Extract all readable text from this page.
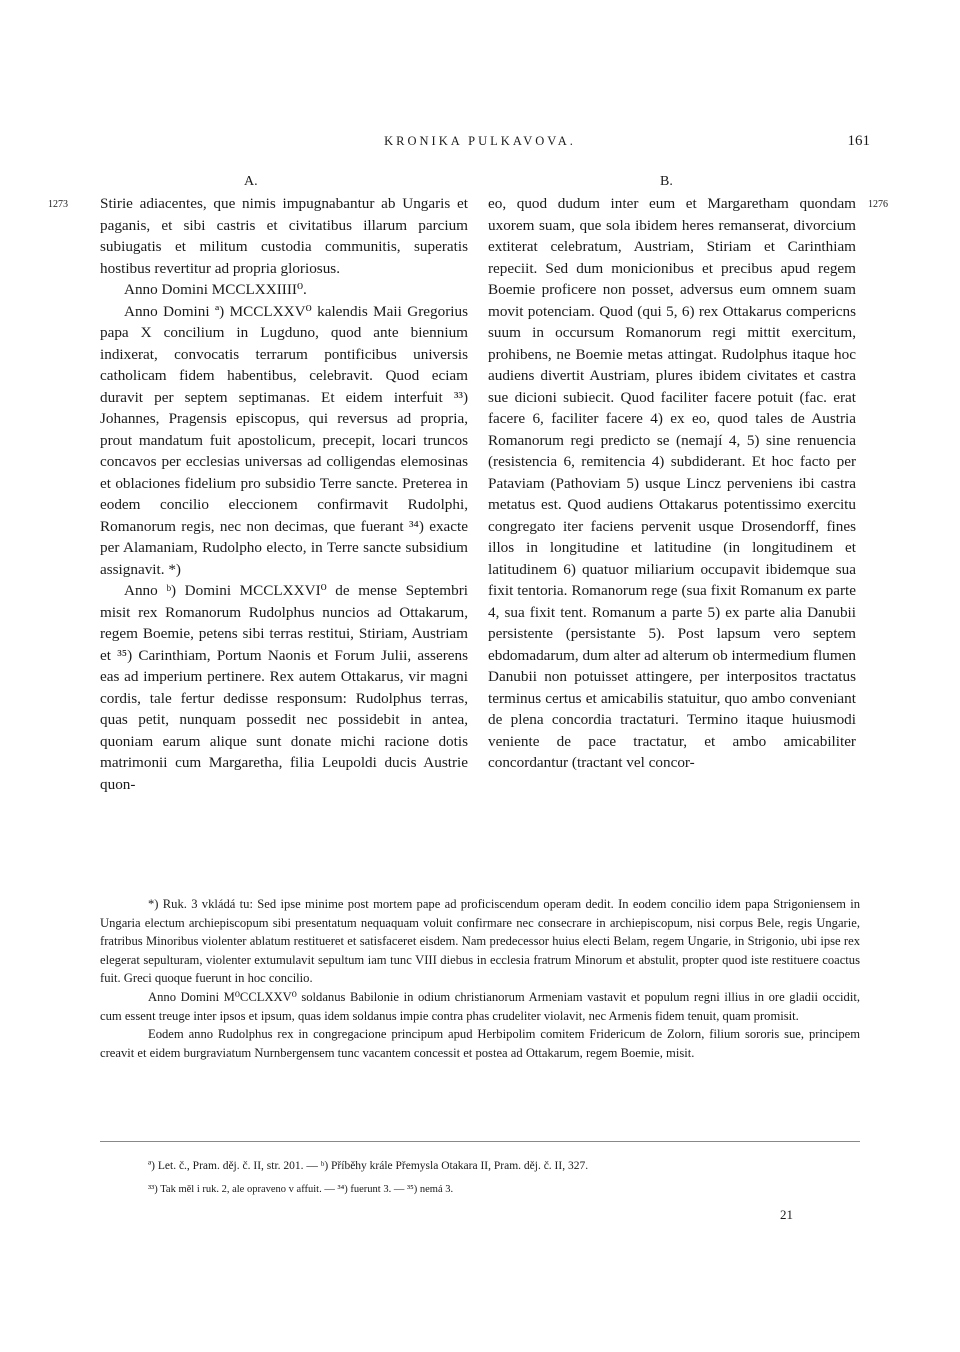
KRONIKA PULKAVOVA.	161
A.	B.
1273	1276

Stirie adiacentes, que nimis impugnabantur ab Ungaris et paganis, et sibi castris et civitatibus illarum parcium subiugatis et militum custodia communitis, superatis hostibus revertitur ad propria gloriosus.

Anno Domini MCCLXXIIII⁰.

Anno Domini ª) MCCLXXV⁰ kalendis Maii Gregorius papa X concilium in Lugduno, quod ante biennium indixerat, convocatis terrarum pontificibus universis catholicam fidem habentibus, celebravit. Quod eciam duravit per septem septimanas. Et eidem interfuit ³³) Johannes, Pragensis episcopus, qui reversus ad propria, prout mandatum fuit apostolicum, precepit, locari truncos concavos per ecclesias universas ad colligendas elemosinas et oblaciones fidelium pro subsidio Terre sancte. Preterea in eodem concilio eleccionem confirmavit Rudolphi, Romanorum regis, nec non decimas, que fuerant ³⁴) exacte per Alamaniam, Rudolpho electo, in Terre sancte subsidium assignavit. *)

Anno ᵇ) Domini MCCLXXVI⁰ de mense Septembri misit rex Romanorum Rudolphus nuncios ad Ottakarum, regem Boemie, petens sibi terras restitui, Stiriam, Austriam et ³⁵) Carinthiam, Portum Naonis et Forum Julii, asserens eas ad imperium pertinere. Rex autem Ottakarus, vir magni cordis, tale fertur dedisse responsum: Rudolphus terras, quas petit, nunquam possedit nec possidebit in antea, quoniam earum alique sunt donate michi racione dotis matrimonii cum Margaretha, filia Leupoldi ducis Austrie quon-

eo, quod dudum inter eum et Margaretham quondam uxorem suam, que sola ibidem heres remanserat, divorcium extiterat celebratum, Austriam, Stiriam et Carinthiam repeciit. Sed dum monicionibus et precibus apud regem Boemie proficere non posset, adversus eum omnem suam movit potenciam. Quod (qui 5, 6) rex Ottakarus compericns suum in occursum Romanorum regi mittit exercitum, prohibens, ne Boemie metas attingat. Rudolphus itaque hoc audiens divertit Austriam, plures ibidem civitates et castra sue dicioni subiecit. Quod faciliter facere potuit (fac. erat facere 6, faciliter facere 4) ex eo, quod tales de Austria Romanorum regi predicto se (nemají 4, 5) sine renuencia (resistencia 6, remitencia 4) subdiderant. Et hoc facto per Pataviam (Pathoviam 5) usque Lincz perveniens ibi castra metatus est. Quod audiens Ottakarus potentissimo exercitu congregato iter faciens pervenit usque Drosendorff, fines illos in longitudine et latitudine (in longitudinem et latitudinem 6) quatuor miliarium occupavit ibidemque sua fixit tentoria. Romanorum rege (sua fixit Romanum ex parte 4, sua fixit tent. Romanum a parte 5) ex parte alia Danubii persistente (persistante 5). Post lapsum vero septem ebdomadarum, dum alter ad alterum ob intermedium flumen Danubii non potuisset attingere, per interpositos tractatus terminus certus et amicabilis statuitur, quo ambo conveniant de plena concordia tractaturi. Termino itaque huiusmodi veniente de pace tractatur, et ambo amicabiliter concordantur (tractant vel concor-

*) Ruk. 3 vkládá tu: Sed ipse minime post mortem pape ad proficiscendum operam dedit. In eodem concilio idem papa Strigoniensem in Ungaria electum archiepiscopum sibi presentatum nequaquam voluit confirmare nec consecrare in archiepiscopum, nisi corpus Bele, regis Ungarie, fratribus Minoribus violenter ablatum restitueret et satisfaceret eisdem. Nam predecessor huius electi Belam, regem Ungarie, in Strigonio, ubi ipse rex elegerat sepulturam, violenter extumulavit sepultum iam tunc VIII diebus in ecclesia fratrum Minorum et abstulit, propter quod iste restituere coactus fuit. Greci quoque fuerunt in hoc concilio.

Anno Domini M⁰CCLXXV⁰ soldanus Babilonie in odium christianorum Armeniam vastavit et populum regni illius in ore gladii occidit, cum essent treuge inter ipsos et ipsum, quas idem soldanus impie contra phas crudeliter violavit, nec Armenis fidem tenuit, quam promisit.

Eodem anno Rudolphus rex in congregacione principum apud Herbipolim comitem Fridericum de Zolorn, filium sororis sue, principem creavit et eidem burgraviatum Nurnbergensem tunc vacantem concessit et postea ad Ottakarum, regem Boemie, misit.

ª) Let. č., Pram. děj. č. II, str. 201. — ᵇ) Příběhy krále Přemysla Otakara II, Pram. děj. č. II, 327.
³³) Tak měl i ruk. 2, ale opraveno v affuit. — ³⁴) fuerunt 3. — ³⁵) nemá 3.
21
